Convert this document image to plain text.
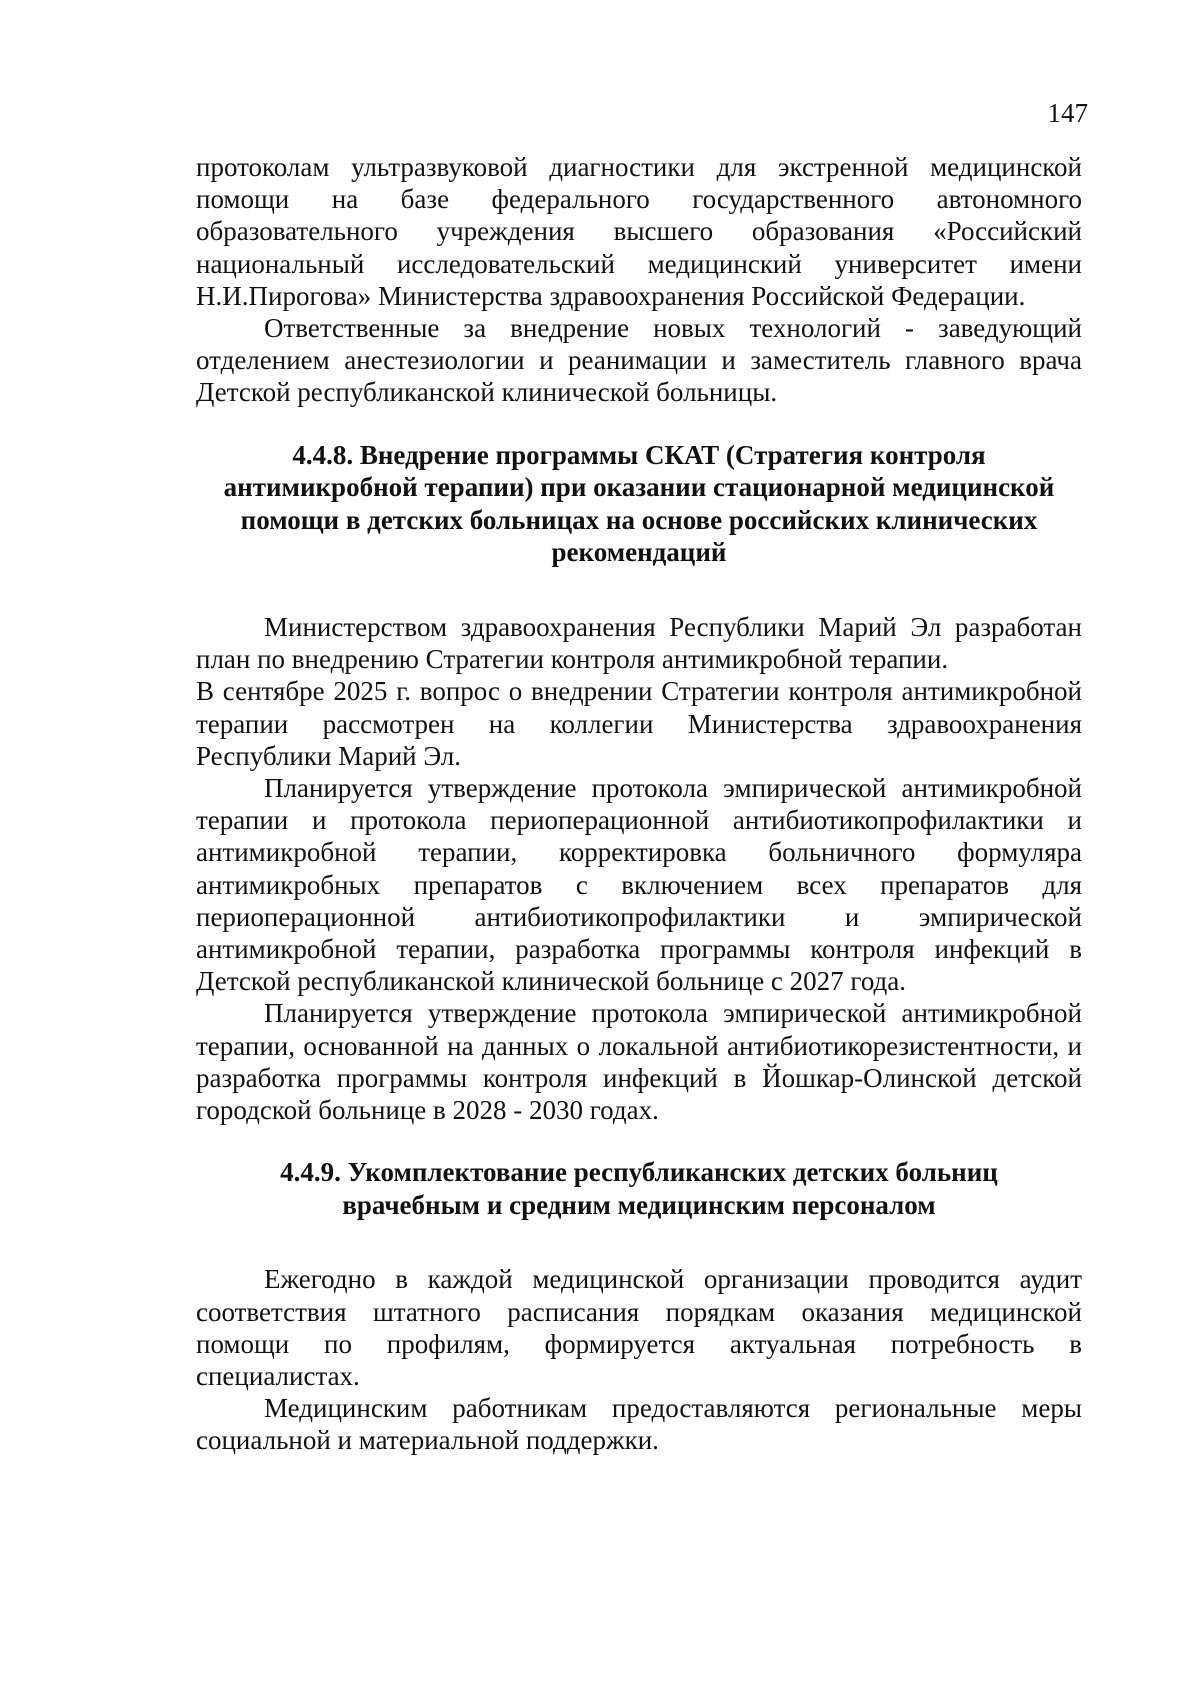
147

протоколам ультразвуковой диагностики для экстренной медицинской помощи на базе федерального государственного автономного образовательного учреждения высшего образования «Российский национальный исследовательский медицинский университет имени Н.И.Пирогова» Министерства здравоохранения Российской Федерации.

Ответственные за внедрение новых технологий - заведующий отделением анестезиологии и реанимации и заместитель главного врача Детской республиканской клинической больницы.

4.4.8. Внедрение программы СКАТ (Стратегия контроля антимикробной терапии) при оказании стационарной медицинской помощи в детских больницах на основе российских клинических рекомендаций

Министерством здравоохранения Республики Марий Эл разработан план по внедрению Стратегии контроля антимикробной терапии.

В сентябре 2025 г. вопрос о внедрении Стратегии контроля антимикробной терапии рассмотрен на коллегии Министерства здравоохранения Республики Марий Эл.

Планируется утверждение протокола эмпирической антимикробной терапии и протокола периоперационной антибиотикопрофилактики и антимикробной терапии, корректировка больничного формуляра антимикробных препаратов с включением всех препаратов для периоперационной антибиотикопрофилактики и эмпирической антимикробной терапии, разработка программы контроля инфекций в Детской республиканской клинической больнице с 2027 года.

Планируется утверждение протокола эмпирической антимикробной терапии, основанной на данных о локальной антибиотикорезистентности, и разработка программы контроля инфекций в Йошкар-Олинской детской городской больнице в 2028 - 2030 годах.

4.4.9. Укомплектование республиканских детских больниц
врачебным и средним медицинским персоналом

Ежегодно в каждой медицинской организации проводится аудит соответствия штатного расписания порядкам оказания медицинской помощи по профилям, формируется актуальная потребность в специалистах.

Медицинским работникам предоставляются региональные меры социальной и материальной поддержки.
